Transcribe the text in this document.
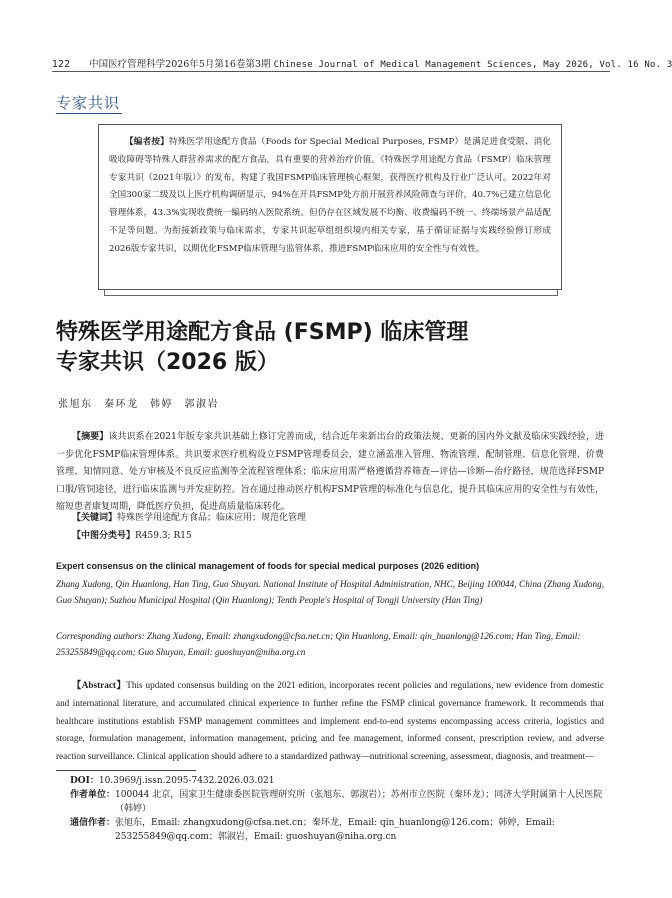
122 中国医疗管理科学2026年5月第16卷第3期 Chinese Journal of Medical Management Sciences, May 2026, Vol. 16 No. 3
专家共识
【编者按】特殊医学用途配方食品（Foods for Special Medical Purposes, FSMP）是满足进食受限、消化吸收障碍等特殊人群营养需求的配方食品，具有重要的营养治疗价值。《特殊医学用途配方食品（FSMP）临床管理专家共识（2021年版）》的发布，构建了我国FSMP临床管理核心框架，获得医疗机构及行业广泛认可。2022年对全国300家二级及以上医疗机构调研显示，94%在开具FSMP处方前开展营养风险筛查与评价，40.7%已建立信息化管理体系，43.3%实现收费统一编码纳入医院系统。但仍存在区域发展不均衡、收费编码不统一、终端场景产品适配不足等问题。为衔接新政策与临床需求，专家共识起草组组织境内相关专家，基于循证证据与实践经验修订形成2026版专家共识，以期优化FSMP临床管理与监管体系，推进FSMP临床应用的安全性与有效性。
特殊医学用途配方食品 (FSMP) 临床管理
专家共识（2026 版）
张旭东　秦环龙　韩婷　郭淑岩
【摘要】该共识系在2021年版专家共识基础上修订完善而成，结合近年来新出台的政策法规、更新的国内外文献及临床实践经验，进一步优化FSMP临床管理体系。共识要求医疗机构设立FSMP管理委员会，建立涵盖准入管理、物流管理、配制管理、信息化管理、价费管理、知情同意、处方审核及不良反应监测等全流程管理体系；临床应用需严格遵循营养筛查—评估—诊断—治疗路径，规范选择FSMP口服/管饲途径，进行临床监测与并发症防控。旨在通过推动医疗机构FSMP管理的标准化与信息化，提升其临床应用的安全性与有效性，缩短患者康复周期，降低医疗负担，促进高质量临床转化。
【关键词】特殊医学用途配方食品；临床应用；规范化管理
【中图分类号】R459.3; R15
Expert consensus on the clinical management of foods for special medical purposes (2026 edition)
Zhang Xudong, Qin Huanlong, Han Ting, Guo Shuyan. National Institute of Hospital Administration, NHC, Beijing 100044, China (Zhang Xudong, Guo Shuyan); Suzhou Municipal Hospital (Qin Huanlong); Tenth People's Hospital of Tongji University (Han Ting)
Corresponding authors: Zhang Xudong, Email: zhangxudong@cfsa.net.cn; Qin Huanlong, Email: qin_huanlong@126.com; Han Ting, Email: 253255849@qq.com; Guo Shuyan, Email: guoshuyan@niha.org.cn
【Abstract】This updated consensus building on the 2021 edition, incorporates recent policies and regulations, new evidence from domestic and international literature, and accumulated clinical experience to further refine the FSMP clinical governance framework. It recommends that healthcare institutions establish FSMP management committees and implement end-to-end systems encompassing access criteria, logistics and storage, formulation management, information management, pricing and fee management, informed consent, prescription review, and adverse reaction surveillance. Clinical application should adhere to a standardized pathway—nutritional screening, assessment, diagnosis, and treatment—
DOI：10.3969/j.issn.2095-7432.2026.03.021
作者单位： 100044 北京，国家卫生健康委医院管理研究所（张旭东、郭淑岩）；苏州市立医院（秦环龙）；同济大学附属第十人民医院（韩婷）
通信作者： 张旭东，Email: zhangxudong@cfsa.net.cn；秦环龙，Email: qin_huanlong@126.com；韩婷，Email: 253255849@qq.com；郭淑岩，Email: guoshuyan@niha.org.cn
